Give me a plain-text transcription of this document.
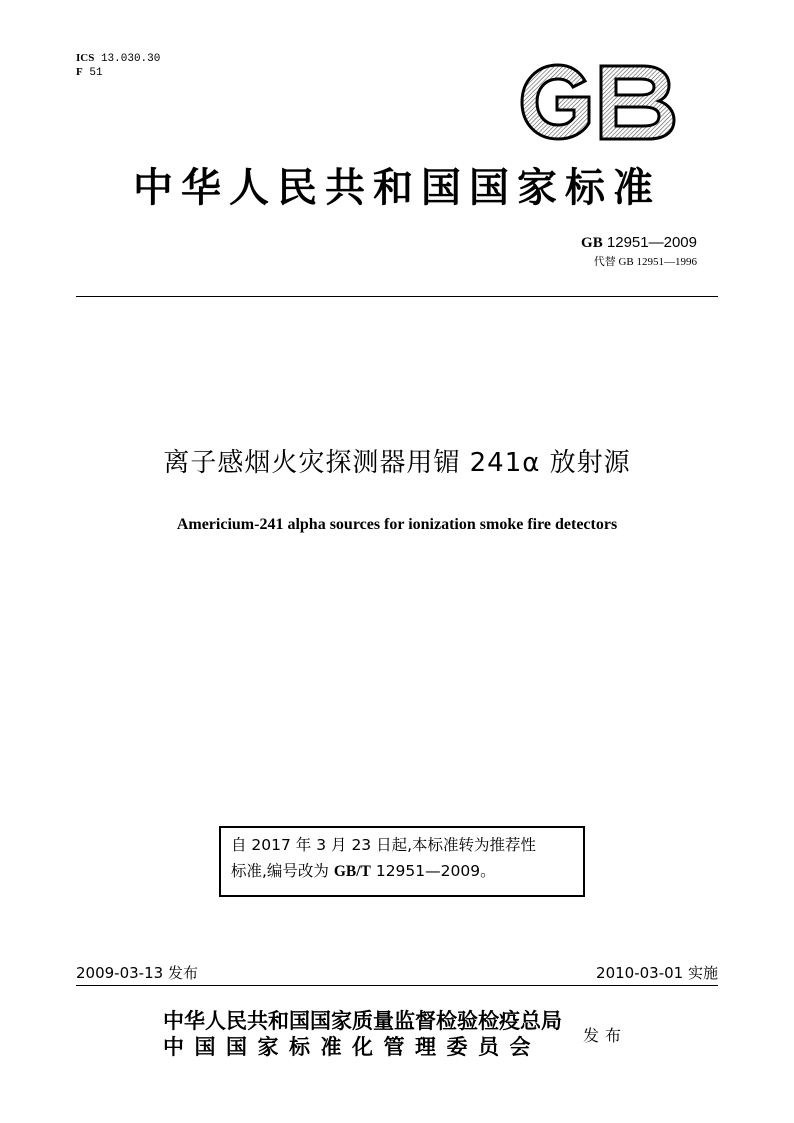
ICS 13.030.30
F 51
中华人民共和国国家标准
GB 12951—2009
代替 GB 12951—1996
离子感烟火灾探测器用镅 241α 放射源
Americium-241 alpha sources for ionization smoke fire detectors
自 2017 年 3 月 23 日起,本标准转为推荐性
标准,编号改为 GB/T 12951—2009。
2009-03-13 发布	2010-03-01 实施
中华人民共和国国家质量监督检验检疫总局
中国国家标准化管理委员会	发布
